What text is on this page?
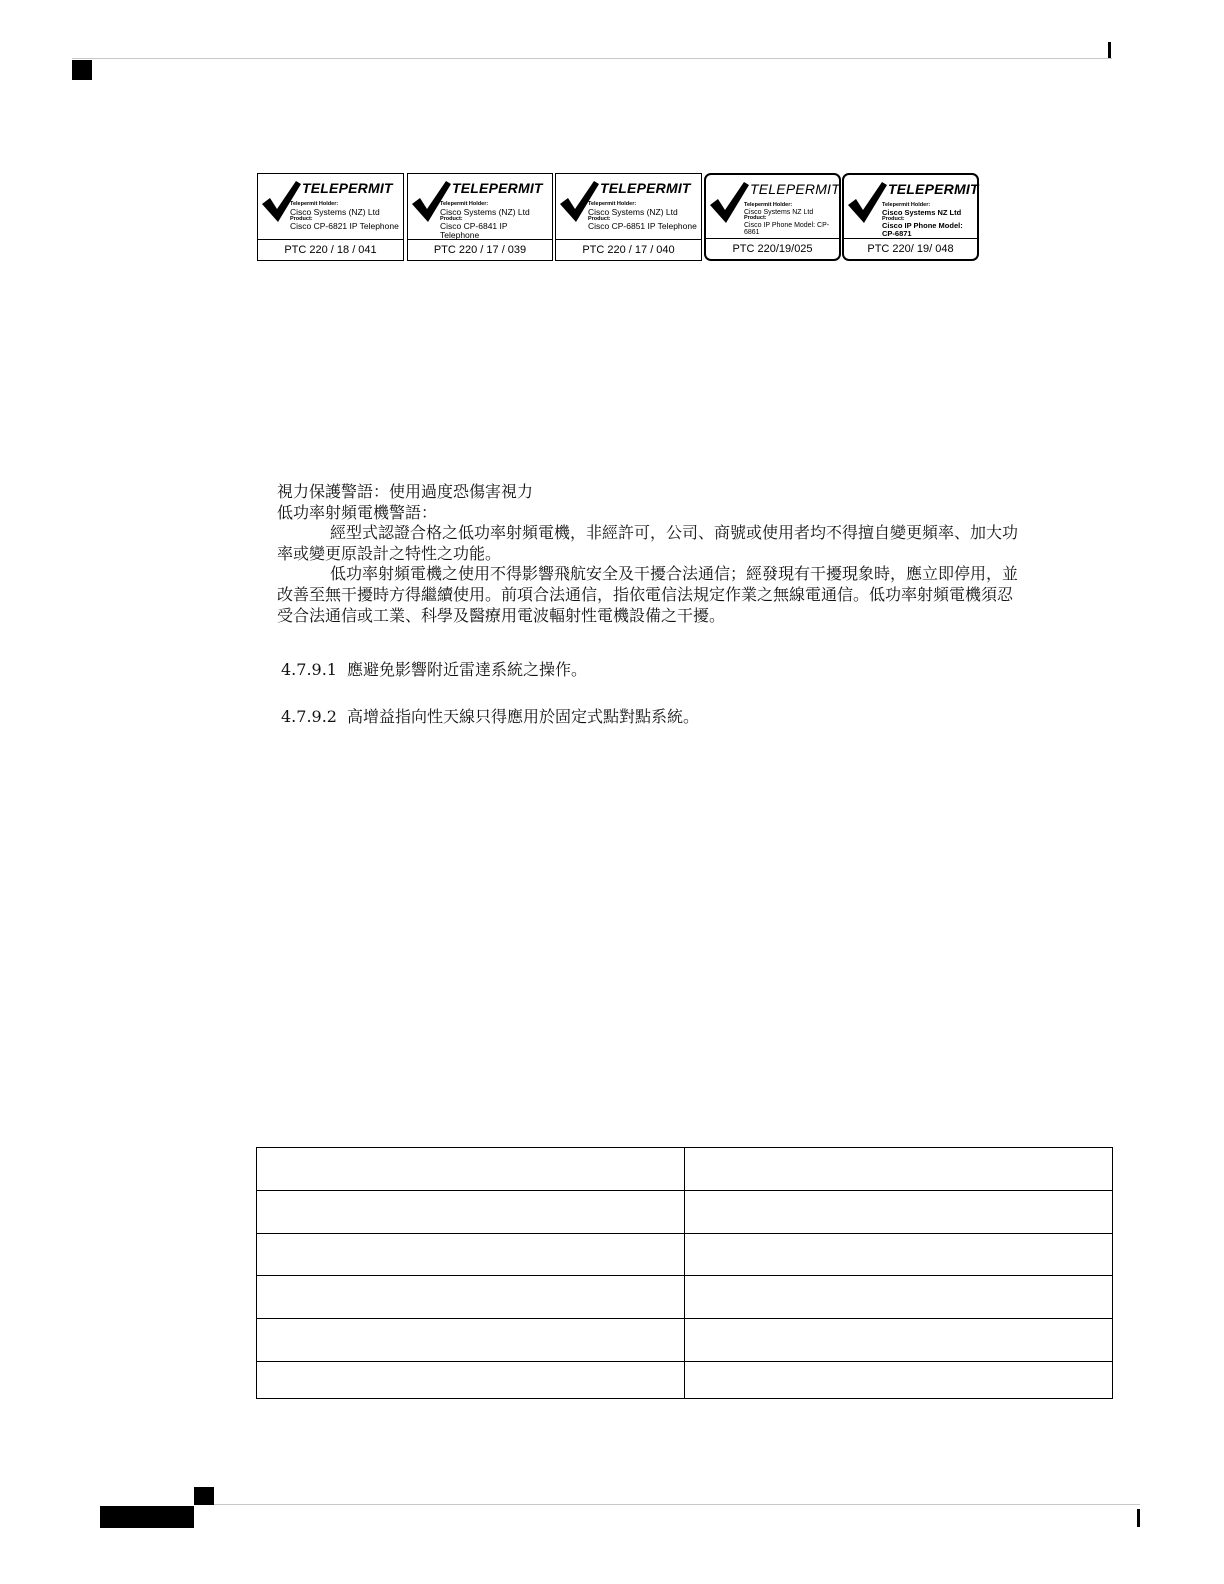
TELEPERMIT
Telepermit Holder:
Cisco Systems (NZ) Ltd
Product:
Cisco CP-6821 IP Telephone
PTC 220 / 18 / 041
TELEPERMIT
Telepermit Holder:
Cisco Systems (NZ) Ltd
Product:
Cisco CP-6841 IP Telephone
PTC 220 / 17 / 039
TELEPERMIT
Telepermit Holder:
Cisco Systems (NZ) Ltd
Product:
Cisco CP-6851 IP Telephone
PTC 220 / 17 / 040
TELEPERMIT
Telepermit Holder:
Cisco Systems NZ Ltd
Product:
Cisco IP Phone Model: CP-6861
PTC 220/19/025
TELEPERMIT
Telepermit Holder:
Cisco Systems NZ Ltd
Product:
Cisco IP Phone Model: CP-6871
PTC 220/ 19/ 048
視力保護警語：使用過度恐傷害視力
低功率射頻電機警語：
經型式認證合格之低功率射頻電機，非經許可，公司、商號或使用者均不得擅自變更頻率、加大功
率或變更原設計之特性之功能。
低功率射頻電機之使用不得影響飛航安全及干擾合法通信；經發現有干擾現象時，應立即停用，並
改善至無干擾時方得繼續使用。前項合法通信，指依電信法規定作業之無線電通信。低功率射頻電機須忍
受合法通信或工業、科學及醫療用電波輻射性電機設備之干擾。
4.7.9.1 應避免影響附近雷達系統之操作。
4.7.9.2 高增益指向性天線只得應用於固定式點對點系統。
